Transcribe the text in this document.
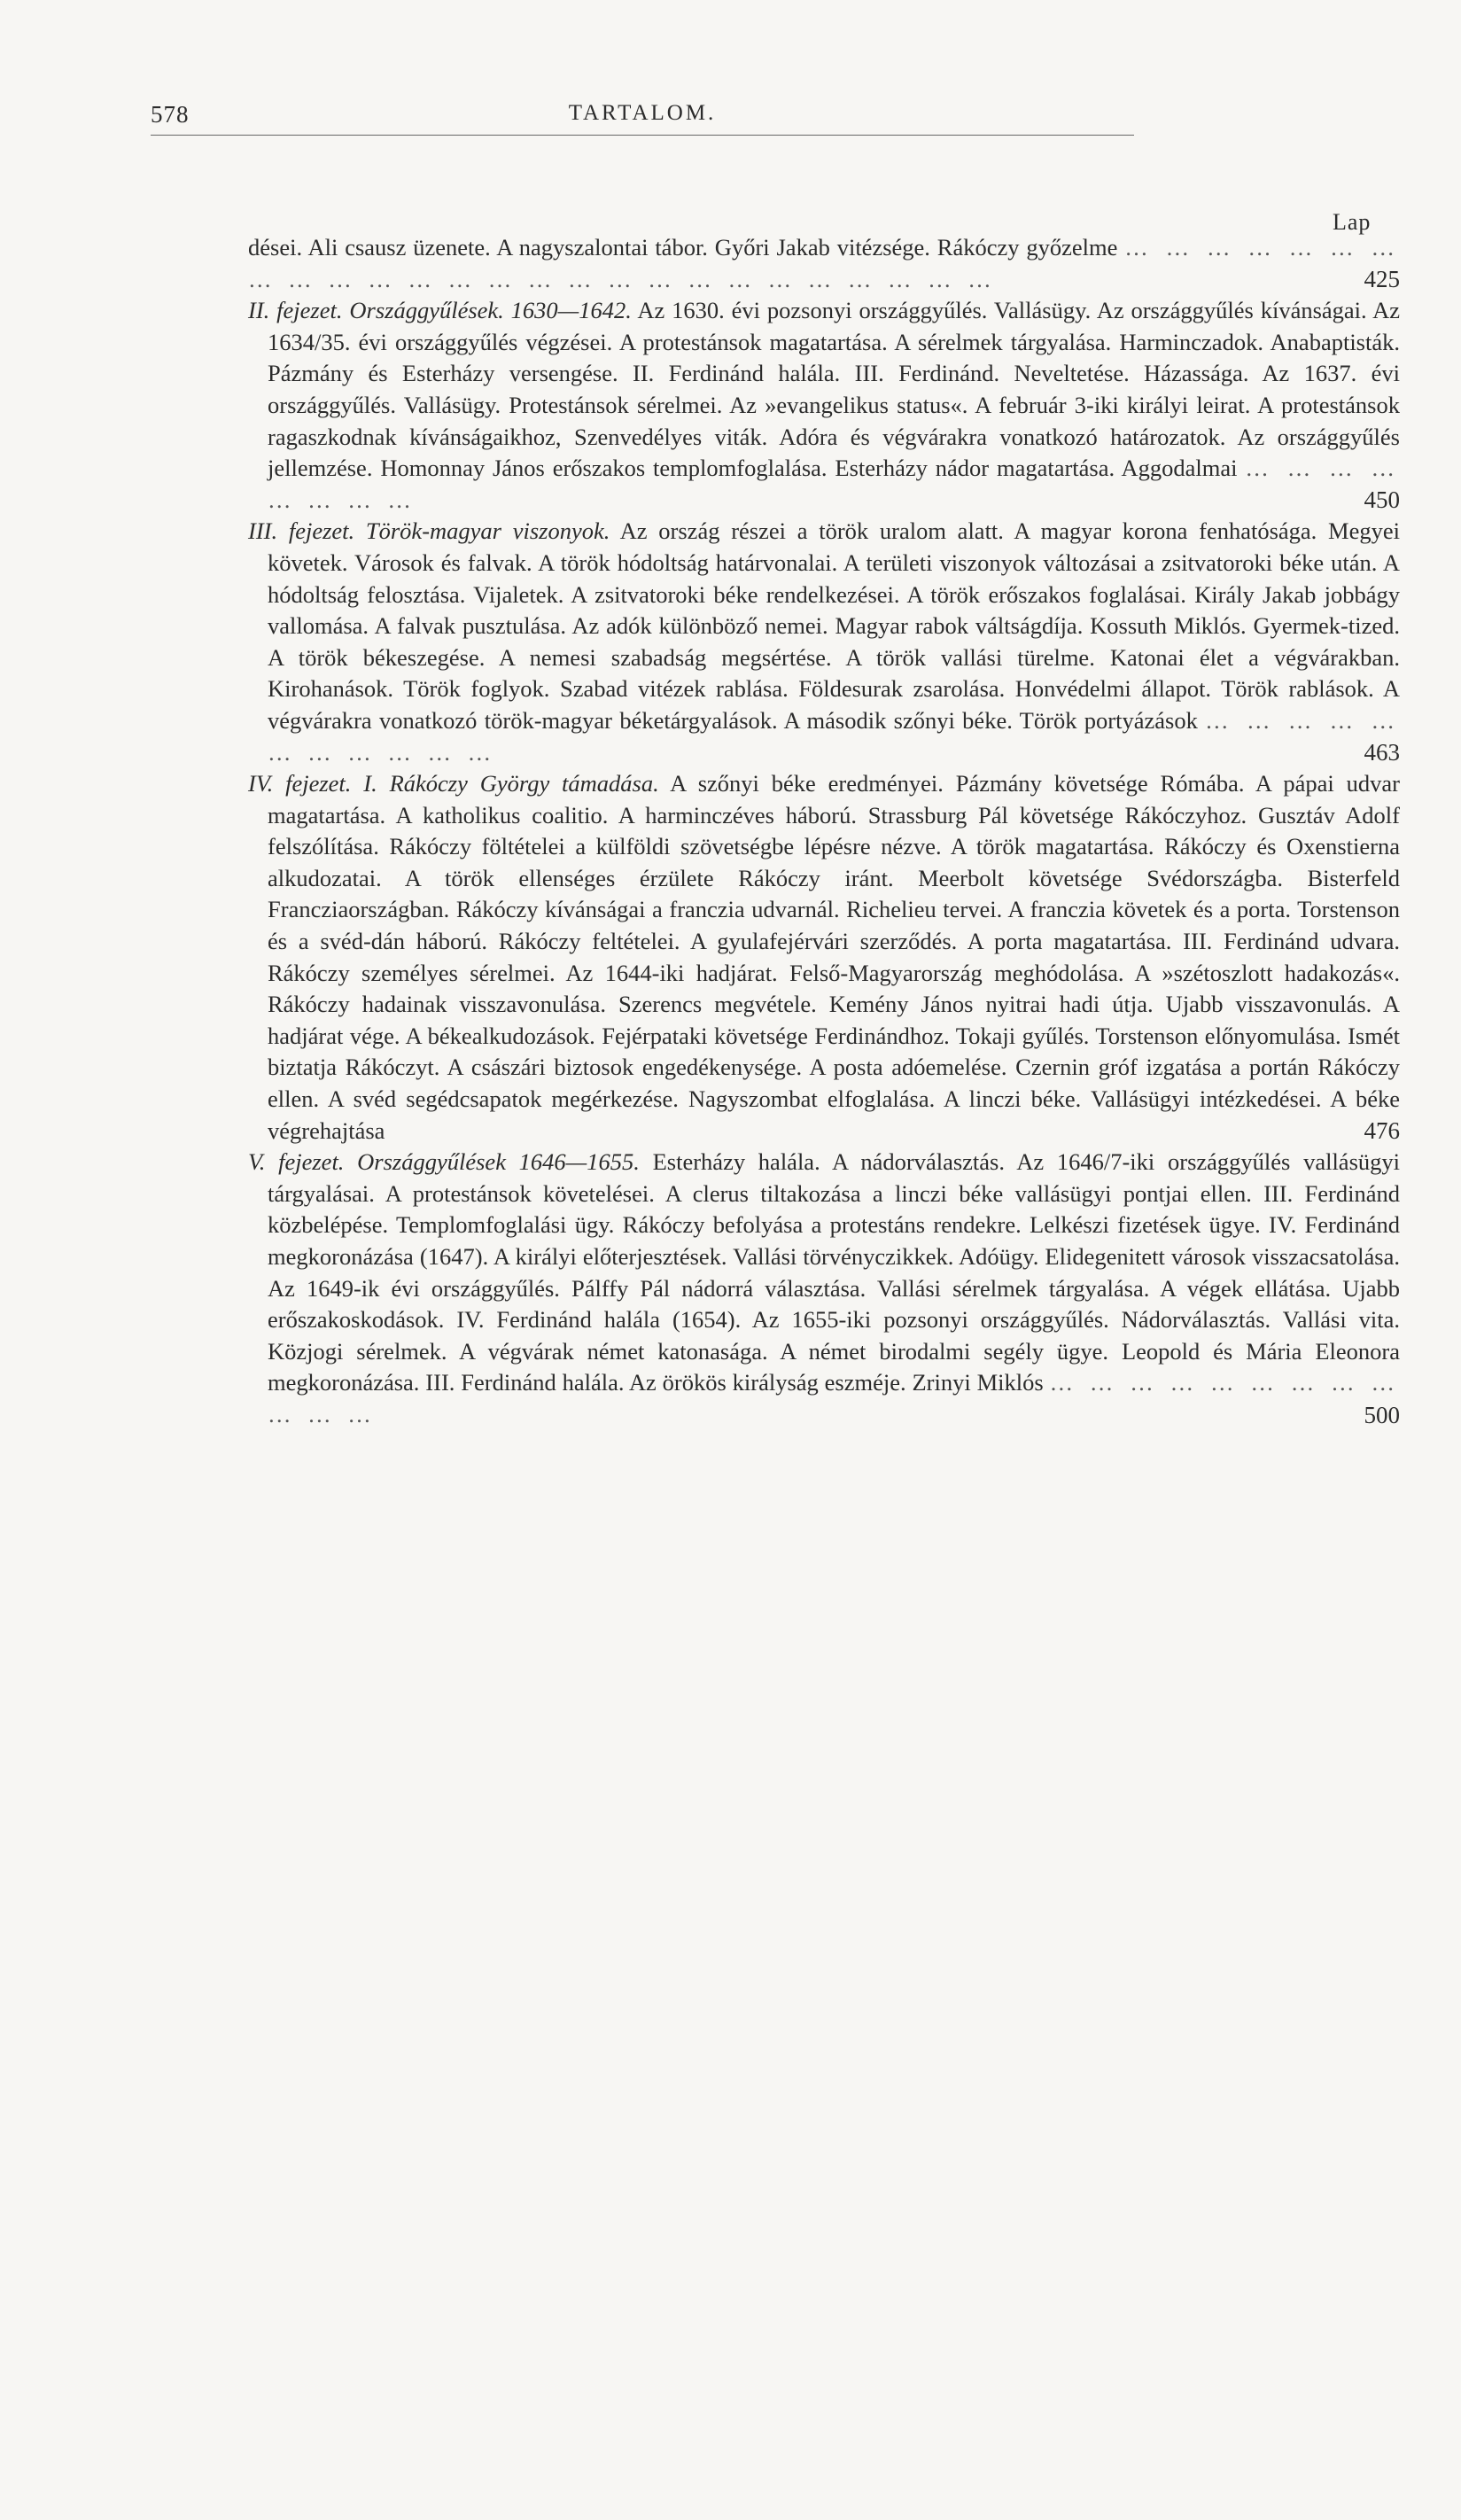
578	TARTALOM.
Lap
dései. Ali csausz üzenete. A nagyszalontai tábor. Győri Jakab vitézsége. Rákóczy győzelme … … … … … … … … … … … … … … … … … … … … … … … … … …	425
II. fejezet. Országgyűlések. 1630—1642. Az 1630. évi pozsonyi országgyűlés. Vallásügy. Az országgyűlés kívánságai. Az 1634/35. évi országgyűlés végzései. A protestánsok magatartása. A sérelmek tárgyalása. Harminczadok. Anabaptisták. Pázmány és Esterházy versengése. II. Ferdinánd halála. III. Ferdinánd. Neveltetése. Házassága. Az 1637. évi országgyűlés. Vallásügy. Protestánsok sérelmei. Az »evangelikus status«. A február 3-iki királyi leirat. A protestánsok ragaszkodnak kívánságaikhoz, Szenvedélyes viták. Adóra és végvárakra vonatkozó határozatok. Az országgyűlés jellemzése. Homonnay János erőszakos templomfoglalása. Esterházy nádor magatartása. Aggodalmai … … … … … … … …	450
III. fejezet. Török-magyar viszonyok. Az ország részei a török uralom alatt. A magyar korona fenhatósága. Megyei követek. Városok és falvak. A török hódoltság határvonalai. A területi viszonyok változásai a zsitvatoroki béke után. A hódoltság felosztása. Vijaletek. A zsitvatoroki béke rendelkezései. A török erőszakos foglalásai. Király Jakab jobbágy vallomása. A falvak pusztulása. Az adók különböző nemei. Magyar rabok váltságdíja. Kossuth Miklós. Gyermek-tized. A török békeszegése. A nemesi szabadság megsértése. A török vallási türelme. Katonai élet a végvárakban. Kirohanások. Török foglyok. Szabad vitézek rablása. Földesurak zsarolása. Honvédelmi állapot. Török rablások. A végvárakra vonatkozó török-magyar béketárgyalások. A második szőnyi béke. Török portyázások … … … … … … … … … … …	463
IV. fejezet. I. Rákóczy György támadása. A szőnyi béke eredményei. Pázmány követsége Rómába. A pápai udvar magatartása. A katholikus coalitio. A harminczéves háború. Strassburg Pál követsége Rákóczyhoz. Gusztáv Adolf felszólítása. Rákóczy föltételei a külföldi szövetségbe lépésre nézve. A török magatartása. Rákóczy és Oxenstierna alkudozatai. A török ellenséges érzülete Rákóczy iránt. Meerbolt követsége Svédországba. Bisterfeld Francziaországban. Rákóczy kívánságai a franczia udvarnál. Richelieu tervei. A franczia követek és a porta. Torstenson és a svéd-dán háború. Rákóczy feltételei. A gyulafejérvári szerződés. A porta magatartása. III. Ferdinánd udvara. Rákóczy személyes sérelmei. Az 1644-iki hadjárat. Felső-Magyarország meghódolása. A »szétoszlott hadakozás«. Rákóczy hadainak visszavonulása. Szerencs megvétele. Kemény János nyitrai hadi útja. Ujabb visszavonulás. A hadjárat vége. A békealkudozások. Fejérpataki követsége Ferdinándhoz. Tokaji gyűlés. Torstenson előnyomulása. Ismét biztatja Rákóczyt. A császári biztosok engedékenysége. A posta adóemelése. Czernin gróf izgatása a portán Rákóczy ellen. A svéd segédcsapatok megérkezése. Nagyszombat elfoglalása. A linczi béke. Vallásügyi intézkedései. A béke végrehajtása	476
V. fejezet. Országgyűlések 1646—1655. Esterházy halála. A nádorválasztás. Az 1646/7-iki országgyűlés vallásügyi tárgyalásai. A protestánsok követelései. A clerus tiltakozása a linczi béke vallásügyi pontjai ellen. III. Ferdinánd közbelépése. Templomfoglalási ügy. Rákóczy befolyása a protestáns rendekre. Lelkészi fizetések ügye. IV. Ferdinánd megkoronázása (1647). A királyi előterjesztések. Vallási törvényczikkek. Adóügy. Elidegenitett városok visszacsatolása. Az 1649-ik évi országgyűlés. Pálffy Pál nádorrá választása. Vallási sérelmek tárgyalása. A végek ellátása. Ujabb erőszakoskodások. IV. Ferdinánd halála (1654). Az 1655-iki pozsonyi országgyűlés. Nádorválasztás. Vallási vita. Közjogi sérelmek. A végvárak német katonasága. A német birodalmi segély ügye. Leopold és Mária Eleonora megkoronázása. III. Ferdinánd halála. Az örökös királyság eszméje. Zrinyi Miklós … … … … … … … … … … … …	500
